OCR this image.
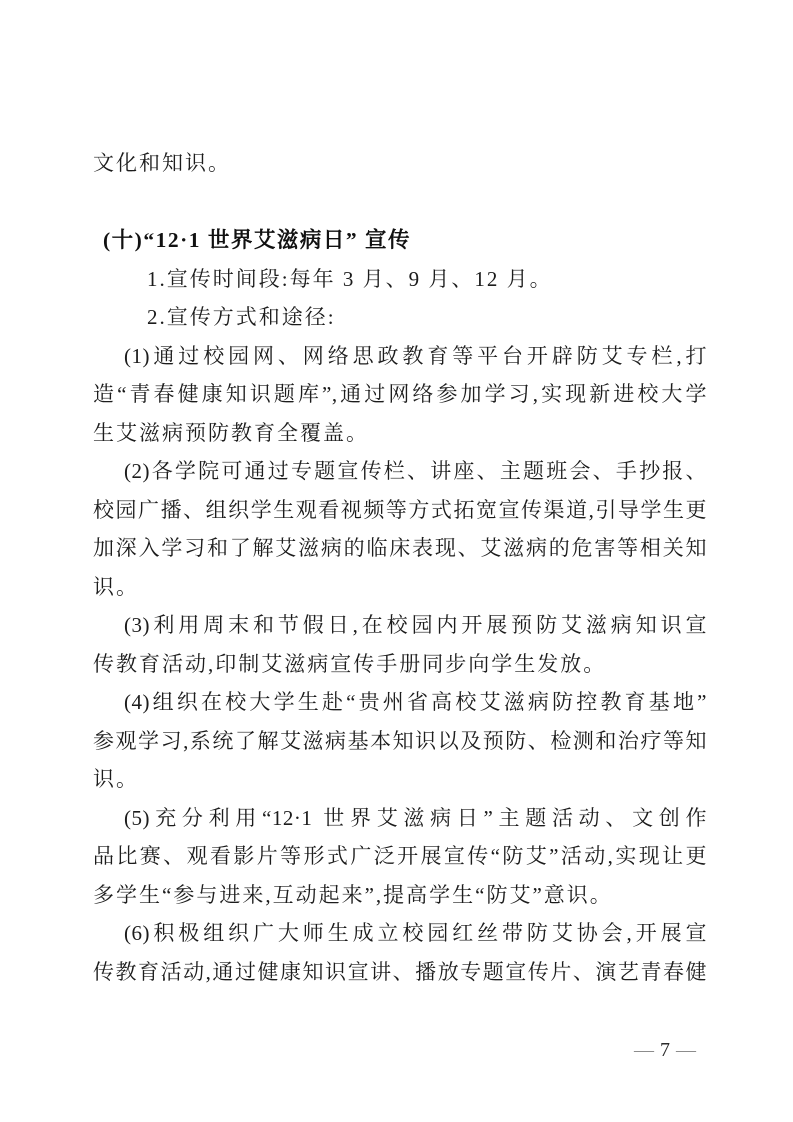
文化和知识。
(十)“12·1 世界艾滋病日” 宣传
1.宣传时间段:每年 3 月、9 月、12 月。
2.宣传方式和途径:
(1)通过校园网、网络思政教育等平台开辟防艾专栏,打
造“青春健康知识题库”,通过网络参加学习,实现新进校大学
生艾滋病预防教育全覆盖。
(2)各学院可通过专题宣传栏、讲座、主题班会、手抄报、
校园广播、组织学生观看视频等方式拓宽宣传渠道,引导学生更
加深入学习和了解艾滋病的临床表现、艾滋病的危害等相关知
识。
(3)利用周末和节假日,在校园内开展预防艾滋病知识宣
传教育活动,印制艾滋病宣传手册同步向学生发放。
(4)组织在校大学生赴“贵州省高校艾滋病防控教育基地”
参观学习,系统了解艾滋病基本知识以及预防、检测和治疗等知
识。
(5)充分利用“12·1 世界艾滋病日”主题活动、文创作
品比赛、观看影片等形式广泛开展宣传“防艾”活动,实现让更
多学生“参与进来,互动起来”,提高学生“防艾”意识。
(6)积极组织广大师生成立校园红丝带防艾协会,开展宣
传教育活动,通过健康知识宣讲、播放专题宣传片、演艺青春健
— 7 —
